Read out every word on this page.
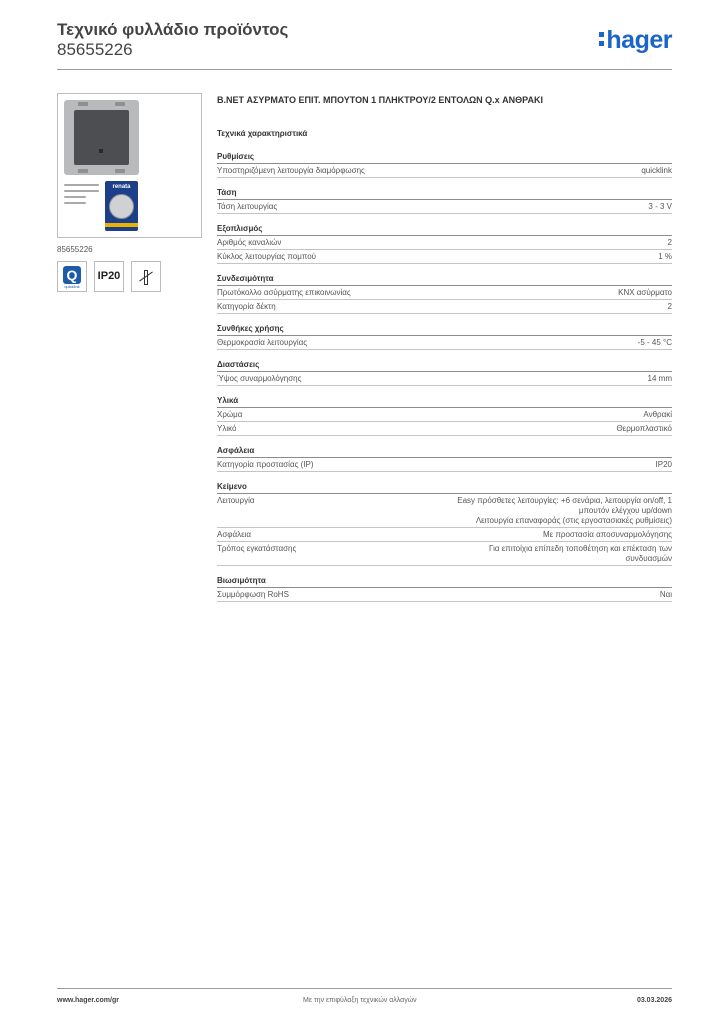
Τεχνικό φυλλάδιο προϊόντος
85655226	hager
renata
85655226
Q
quicklink
IP20
B.NET ΑΣΥΡΜΑΤΟ ΕΠΙΤ. ΜΠΟΥΤΟΝ 1 ΠΛΗΚΤΡΟΥ/2 ΕΝΤΟΛΩΝ Q.x ΑΝΘΡΑΚΙ
Τεχνικά χαρακτηριστικά
Ρυθμίσεις
Υποστηριζόμενη λειτουργία διαμόρφωσης	quicklink
Τάση
Τάση λειτουργίας	3 - 3 V
Εξοπλισμός
Αριθμός καναλιών	2
Κύκλος λειτουργίας πομπού	1 %
Συνδεσιμότητα
Πρωτόκολλο ασύρματης επικοινωνίας	KNX ασύρματο
Κατηγορία δέκτη	2
Συνθήκες χρήσης
Θερμοκρασία λειτουργίας	-5 - 45 °C
Διαστάσεις
Ύψος συναρμολόγησης	14 mm
Υλικά
Χρώμα	Ανθρακί
Υλικό	Θερμοπλαστικό
Ασφάλεια
Κατηγορία προστασίας (IP)	IP20
Κείμενο
Λειτουργία	Easy πρόσθετες λειτουργίες: +6 σενάρια, λειτουργία on/off, 1
μπουτόν ελέγχου up/down
Λειτουργία επαναφοράς (στις εργοστασιακές ρυθμίσεις)
Ασφάλεια	Με προστασία αποσυναρμολόγησης
Τρόπος εγκατάστασης	Για επιτοίχια επίπεδη τοποθέτηση και επέκταση των
συνδυασμών
Βιωσιμότητα
Συμμόρφωση RoHS	Ναι
www.hager.com/gr	Με την επιφύλαξη τεχνικών αλλαγών	03.03.2026
